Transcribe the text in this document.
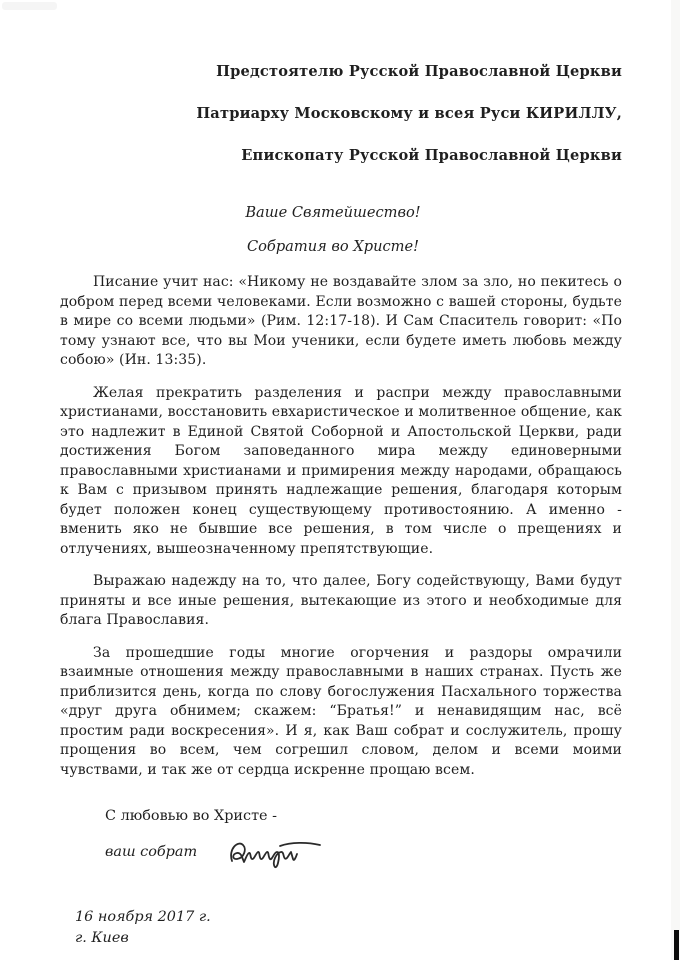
Предстоятелю Русской Православной Церкви
Патриарху Московскому и всея Руси КИРИЛЛУ,
Епископату Русской Православной Церкви
Ваше Святейшество!
Собратия во Христе!

Писание учит нас: «Никому не воздавайте злом за зло, но пекитесь о добром перед всеми человеками. Если возможно с вашей стороны, будьте в мире со всеми людьми» (Рим. 12:17-18). И Сам Спаситель говорит: «По тому узнают все, что вы Мои ученики, если будете иметь любовь между собою» (Ин. 13:35).

Желая прекратить разделения и распри между православными христианами, восстановить евхаристическое и молитвенное общение, как это надлежит в Единой Святой Соборной и Апостольской Церкви, ради достижения Богом заповеданного мира между единоверными православными христианами и примирения между народами, обращаюсь к Вам с призывом принять надлежащие решения, благодаря которым будет положен конец существующему противостоянию. А именно - вменить яко не бывшие все решения, в том числе о прещениях и отлучениях, вышеозначенному препятствующие.

Выражаю надежду на то, что далее, Богу содействующу, Вами будут приняты и все иные решения, вытекающие из этого и необходимые для блага Православия.

За прошедшие годы многие огорчения и раздоры омрачили взаимные отношения между православными в наших странах. Пусть же приблизится день, когда по слову богослужения Пасхального торжества «друг друга обнимем; скажем: “Братья!” и ненавидящим нас, всё простим ради воскресения». И я, как Ваш собрат и сослужитель, прошу прощения во всем, чем согрешил словом, делом и всеми моими чувствами, и так же от сердца искренне прощаю всем.

С любовью во Христе -
ваш собрат
16 ноября 2017 г.
г. Киев
